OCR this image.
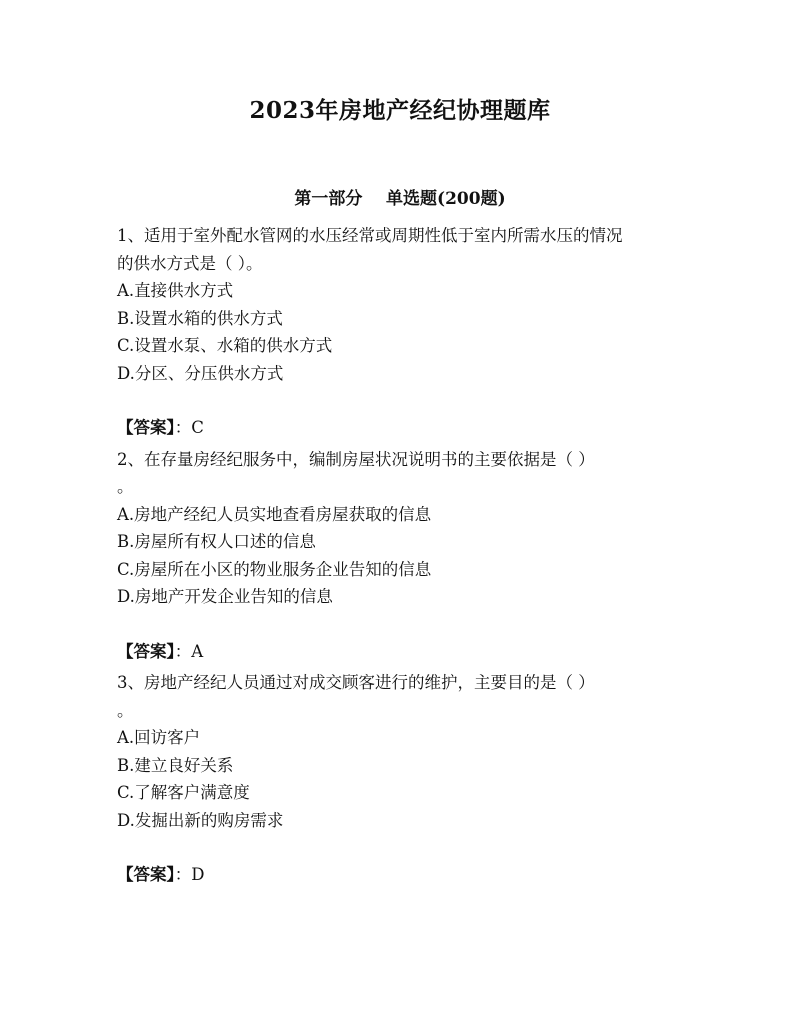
2023年房地产经纪协理题库
第一部分    单选题(200题)

1、适用于室外配水管网的水压经常或周期性低于室内所需水压的情况

的供水方式是（ ）。

A.直接供水方式

B.设置水箱的供水方式

C.设置水泵、水箱的供水方式

D.分区、分压供水方式

【答案】：C

2、在存量房经纪服务中，编制房屋状况说明书的主要依据是（ ）

。

A.房地产经纪人员实地查看房屋获取的信息

B.房屋所有权人口述的信息

C.房屋所在小区的物业服务企业告知的信息

D.房地产开发企业告知的信息

【答案】：A

3、房地产经纪人员通过对成交顾客进行的维护，主要目的是（ ）

。

A.回访客户

B.建立良好关系

C.了解客户满意度

D.发掘出新的购房需求

【答案】：D
